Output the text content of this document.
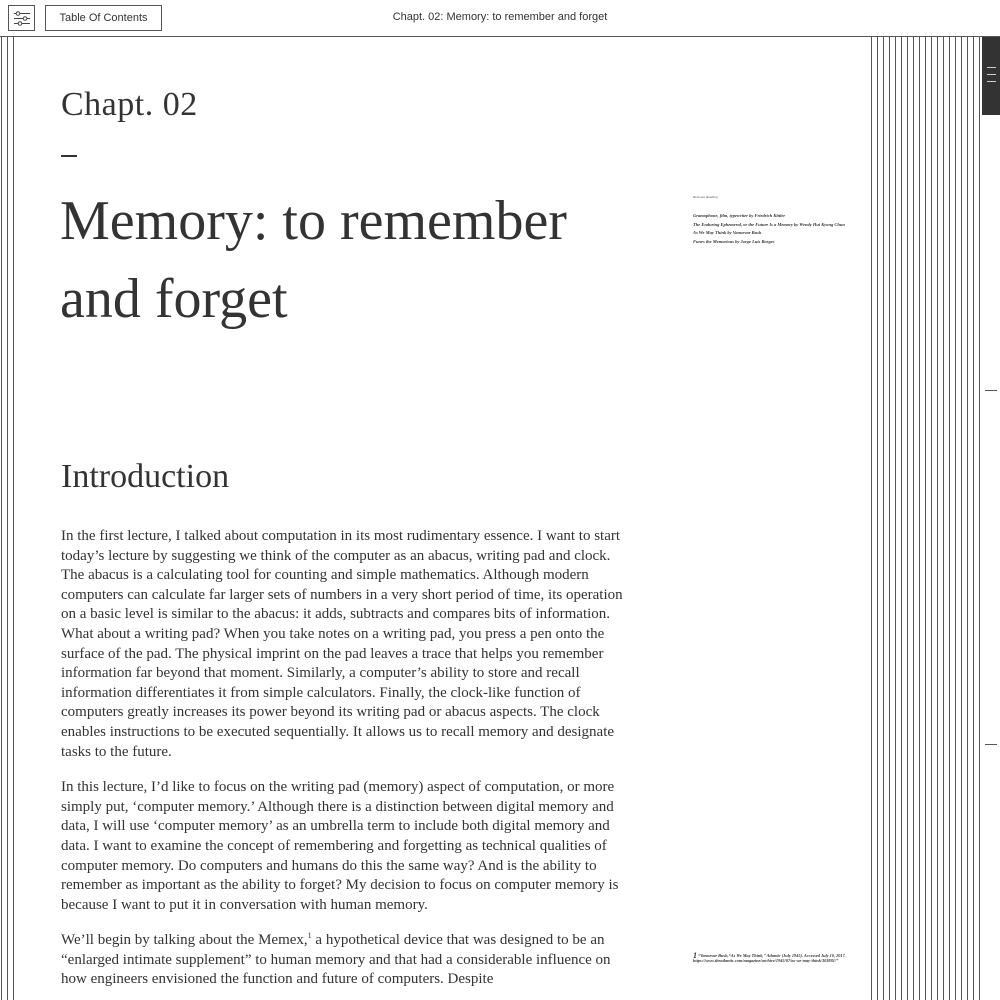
Table Of Contents	Chapt. 02: Memory: to remember and forget
Chapt. 02
Memory: to remember and forget
Relevant Reading
Gramophone, film, typewriter by Friedrich Kittler
The Enduring Ephemeral, or the Future Is a Memory by Wendy Hui Kyong Chun
As We May Think by Vannevar Bush
Funes the Memorious by Jorge Luis Borges
Introduction

In the first lecture, I talked about computation in its most rudimentary essence. I want to start today’s lecture by suggesting we think of the computer as an abacus, writing pad and clock. The abacus is a calculating tool for counting and simple mathematics. Although modern computers can calculate far larger sets of numbers in a very short period of time, its operation on a basic level is similar to the abacus: it adds, subtracts and compares bits of information. What about a writing pad? When you take notes on a writing pad, you press a pen onto the surface of the pad. The physical imprint on the pad leaves a trace that helps you remember information far beyond that moment. Similarly, a computer’s ability to store and recall information differentiates it from simple calculators. Finally, the clock-like function of computers greatly increases its power beyond its writing pad or abacus aspects. The clock enables instructions to be executed sequentially. It allows us to recall memory and designate tasks to the future.

In this lecture, I’d like to focus on the writing pad (memory) aspect of computation, or more simply put, ‘computer memory.’ Although there is a distinction between digital memory and data, I will use ‘computer memory’ as an umbrella term to include both digital memory and data. I want to examine the concept of remembering and forgetting as technical qualities of computer memory. Do computers and humans do this the same way? And is the ability to remember as important as the ability to forget? My decision to focus on computer memory is because I want to put it in conversation with human memory.

We’ll begin by talking about the Memex,$^1$ a hypothetical device that was designed to be an “enlarged intimate supplement” to human memory and that had a considerable influence on how engineers envisioned the function and future of computers. Despite

1“Vannevar Bush,“As We May Think,” Atlantic (July 1945). Accessed July 10, 2017. https://www.theatlantic.com/magazine/archive/1945/07/as-we-may-think/303881/”
